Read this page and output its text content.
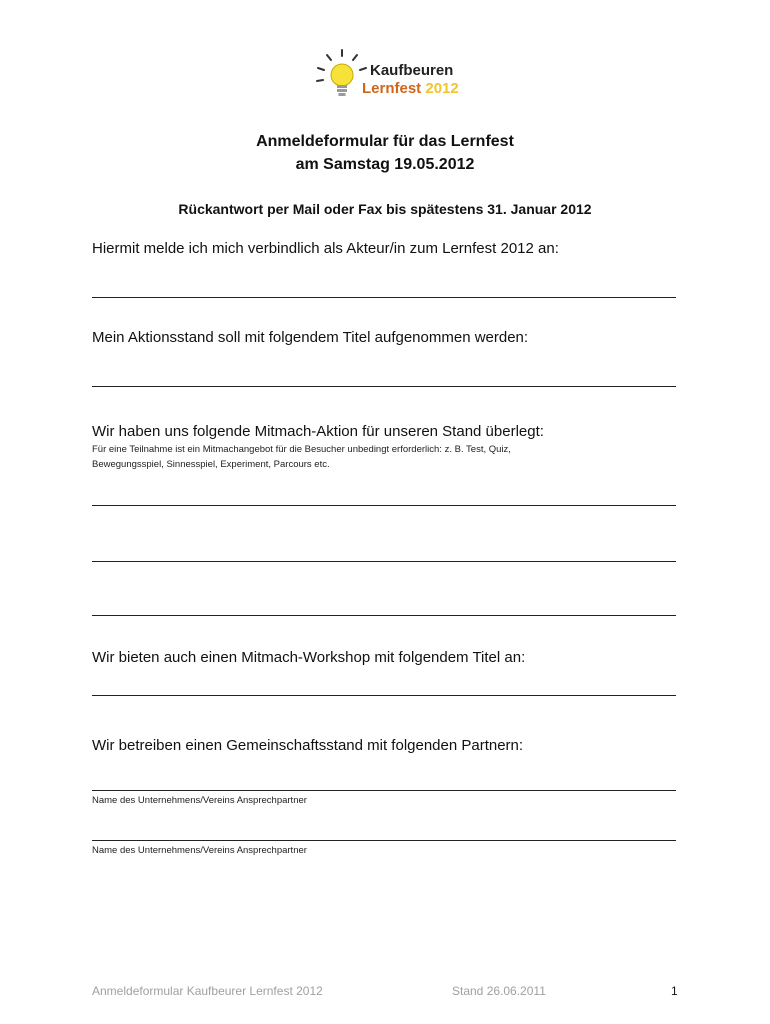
Kaufbeuren
Lernfest 2012
Anmeldeformular für das Lernfest
am Samstag 19.05.2012
Rückantwort per Mail oder Fax bis spätestens 31. Januar 2012
Hiermit melde ich mich verbindlich als Akteur/in zum Lernfest 2012 an:
Mein Aktionsstand soll mit folgendem Titel aufgenommen werden:
Wir haben uns folgende Mitmach-Aktion für unseren Stand überlegt:
Für eine Teilnahme ist ein Mitmachangebot für die Besucher unbedingt erforderlich: z. B. Test, Quiz,
Bewegungsspiel, Sinnesspiel, Experiment, Parcours etc.
Wir bieten auch einen Mitmach-Workshop mit folgendem Titel an:
Wir betreiben einen Gemeinschaftsstand mit folgenden Partnern:
Name des Unternehmens/Vereins Ansprechpartner
Name des Unternehmens/Vereins Ansprechpartner
Anmeldeformular Kaufbeurer Lernfest 2012	Stand 26.06.2011	1
